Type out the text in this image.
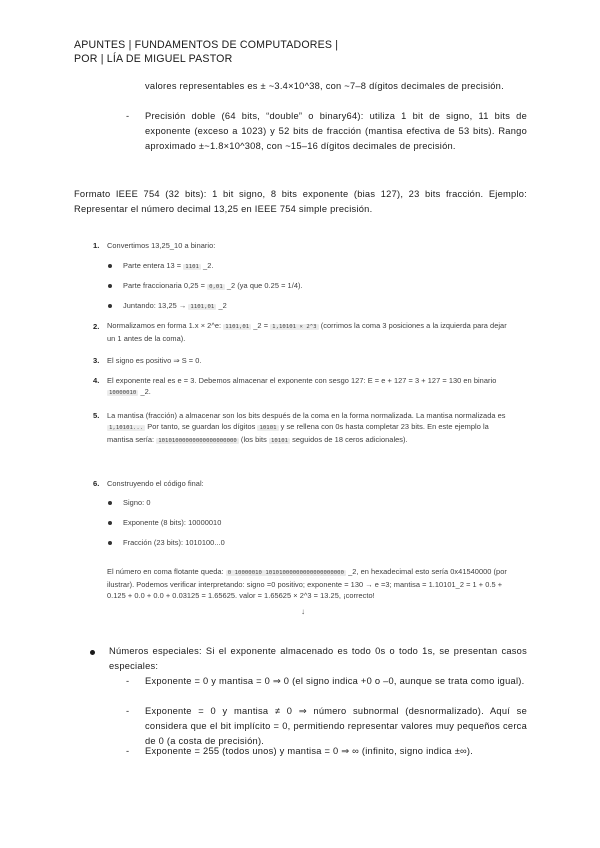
APUNTES | FUNDAMENTOS DE COMPUTADORES |
POR | LÍA DE MIGUEL PASTOR
valores representables es ± ~3.4×10^38, con ~7–8 dígitos decimales de precisión.
- Precisión doble (64 bits, “double” o binary64): utiliza 1 bit de signo, 11 bits de exponente (exceso a 1023) y 52 bits de fracción (mantisa efectiva de 53 bits). Rango aproximado ±~1.8×10^308, con ~15–16 dígitos decimales de precisión.
Formato IEEE 754 (32 bits): 1 bit signo, 8 bits exponente (bias 127), 23 bits fracción. Ejemplo: Representar el número decimal 13,25 en IEEE 754 simple precisión.
1. Convertimos 13,25_10 a binario:
Parte entera 13 = 1101 _2.
Parte fraccionaria 0,25 = 0,01 _2 (ya que 0.25 = 1/4).
Juntando: 13,25 → 1101,01 _2
2. Normalizamos en forma 1.x × 2^e: 1101,01 _2 = 1,10101 × 2^3 (corrimos la coma 3 posiciones a la izquierda para dejar un 1 antes de la coma).
3. El signo es positivo ⇒ S = 0.
4. El exponente real es e = 3. Debemos almacenar el exponente con sesgo 127: E = e + 127 = 3 + 127 = 130 en binario 10000010 _2.
5. La mantisa (fracción) a almacenar son los bits después de la coma en la forma normalizada. La mantisa normalizada es 1,10101... Por tanto, se guardan los dígitos 10101 y se rellena con 0s hasta completar 23 bits. En este ejemplo la mantisa sería: 10101000000000000000000 (los bits 10101 seguidos de 18 ceros adicionales).
6. Construyendo el código final:
Signo: 0
Exponente (8 bits): 10000010
Fracción (23 bits): 1010100...0
El número en coma flotante queda: 0 10000010 10101000000000000000000 _2, en hexadecimal esto sería 0x41540000 (por ilustrar). Podemos verificar interpretando: signo =0 positivo; exponente = 130 → e =3; mantisa = 1.10101_2 = 1 + 0.5 + 0.125 + 0.0 + 0.0 + 0.03125 = 1.65625. valor = 1.65625 × 2^3 = 13.25, ¡correcto!
↓
Números especiales: Si el exponente almacenado es todo 0s o todo 1s, se presentan casos especiales:
- Exponente = 0 y mantisa = 0 ⇒ 0 (el signo indica +0 o –0, aunque se trata como igual).
- Exponente = 0 y mantisa ≠ 0 ⇒ número subnormal (desnormalizado). Aquí se considera que el bit implícito = 0, permitiendo representar valores muy pequeños cerca de 0 (a costa de precisión).
- Exponente = 255 (todos unos) y mantisa = 0 ⇒ ∞ (infinito, signo indica ±∞).
